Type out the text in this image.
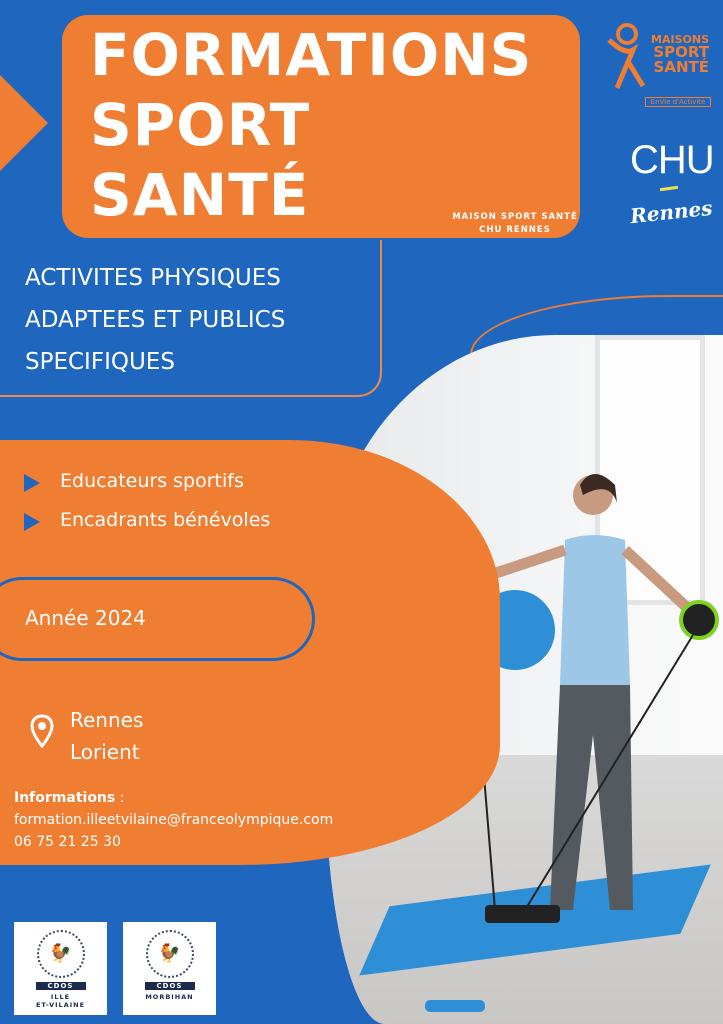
FORMATIONS
SPORT
SANTÉ	MAISON SPORT SANTÉ
CHU RENNES
MAISONS
SPORT
SANTÉ
EnVie d'Activité
CHU
Rennes
ACTIVITES PHYSIQUES
ADAPTEES ET PUBLICS
SPECIFIQUES
Educateurs sportifs
Encadrants bénévoles
Année 2024
Rennes
Lorient
Informations :
formation.illeetvilaine@franceolympique.com
06 75 21 25 30
🐓
CDOS
ILLE
ET-VILAINE
🐓
CDOS
MORBIHAN
